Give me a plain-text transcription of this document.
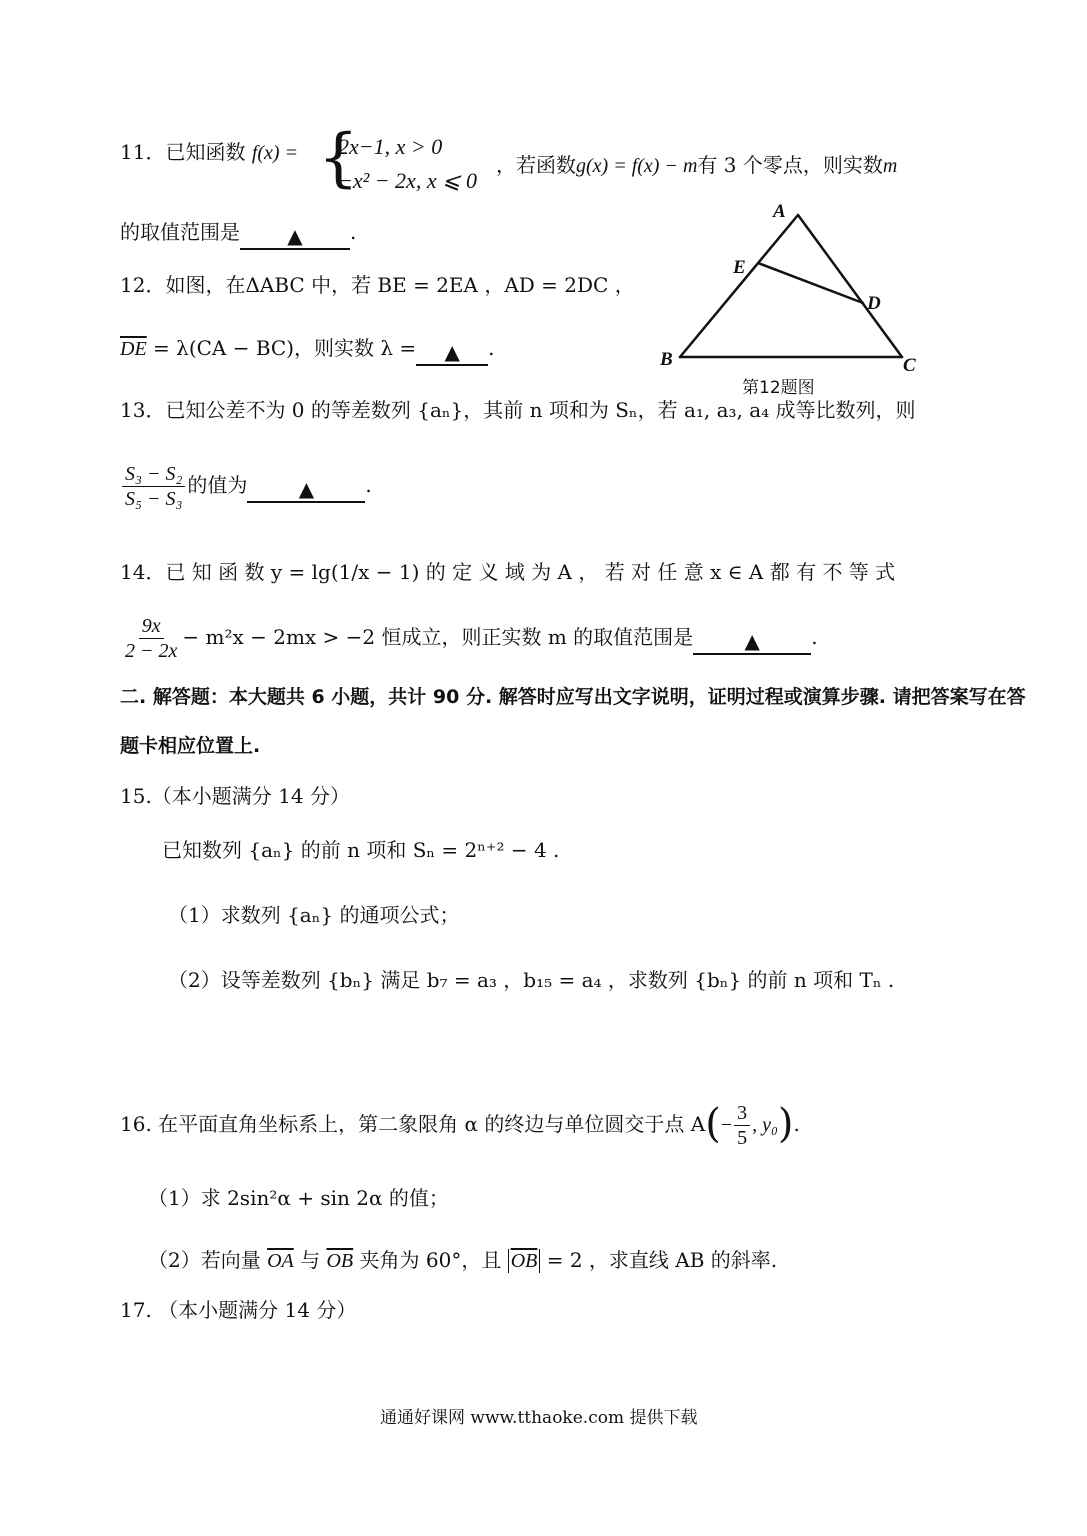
11．已知函数 f(x) = {
2x−1, x > 0
−x² − 2x, x ⩽ 0
，若函数g(x) = f(x) − m有 3 个零点，则实数m
的取值范围是 ▲ .
A
E
D
B	C
第12题图
12．如图，在ΔABC 中，若 BE = 2EA ，AD = 2DC ，
$\overline{DE} = \lambda(CA - BC)$，则实数 λ = ▲ .
13．已知公差不为 0 的等差数列 {aₙ}，其前 n 项和为 Sₙ，若 a₁, a₃, a₄ 成等比数列，则
$\frac{\text{S₃ − S₂}}{\text{S₅ − S₃}}$ 的值为	▲	.
14．已 知 函 数 y = lg(1/x − 1) 的 定 义 域 为 A ， 若 对 任 意 x ∈ A 都 有 不 等 式
$\frac{9x}{2 - 2x} - m^2x - 2mx > -2$ 恒成立，则正实数 m 的取值范围是	▲	.
二. 解答题：本大题共 6 小题，共计 90 分. 解答时应写出文字说明，证明过程或演算步骤. 请把答案写在答
题卡相应位置上.
15.（本小题满分 14 分）
已知数列 {aₙ} 的前 n 项和 Sₙ = 2ⁿ⁺² − 4 .
（1）求数列 {aₙ} 的通项公式；
（2）设等差数列 {bₙ} 满足 b₇ = a₃ ，b₁₅ = a₄ ，求数列 {bₙ} 的前 n 项和 Tₙ .
16. 在平面直角坐标系上，第二象限角 α 的终边与单位圆交于点 $A(- \frac{3}{5}$ , y₀).
（1）求 2sin²α + sin 2α 的值；
（2）若向量 $\overline{OA}$ 与 $\overline{OB}$ 夹角为 60°，且 $\overline{OB} = 2$ ，求直线 AB 的斜率.
17. （本小题满分 14 分）
通通好课网 www.tthaoke.com 提供下载
